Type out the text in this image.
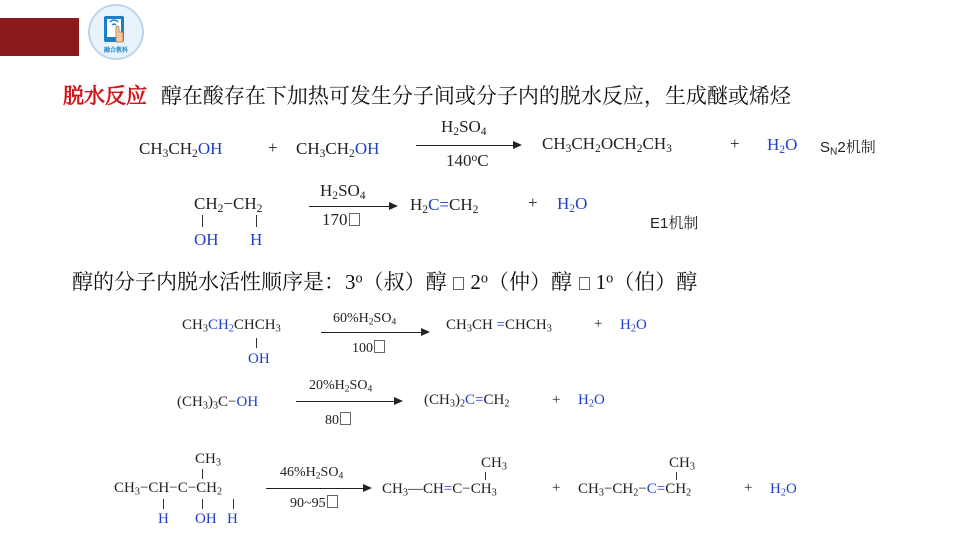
融合教科
脱水反应 醇在酸存在下加热可发生分子间或分子内的脱水反应，生成醚或烯烃
$CH_3CH_2OH$	+ $CH_3CH_2OH$
$H_2SO_4$
140$^o$C
$CH_3CH_2OCH_2CH_3$	+ $H_2O$ $S_N2$机制
$CH_2-CH_2$
OH H
$H_2SO_4$
170
$H_2C=CH_2$	+ $H_2O$
E1机制
醇的分子内脱水活性顺序是：3$^o$（叔）醇  2$^o$（仲）醇  1$^o$（伯）醇
$CH_3CH_2CHCH_3$
OH
$60\%H_2SO_4$
100
$CH_3CH$ $=CHCH_3$	+ $H_2O$
$(CH_3)_3C-OH$
$20\%H_2SO_4$
80
$(CH_3)_2C=CH_2$	+ $H_2O$
$CH_3$
$CH_3-CH-C-CH_2$
H OH H
$46\%H_2SO_4$
90~95
$CH_3$
$CH_3—CH=C-CH_3$	+
$CH_3$
$CH_3-CH_2-C=CH_2$	+ $H_2O$
